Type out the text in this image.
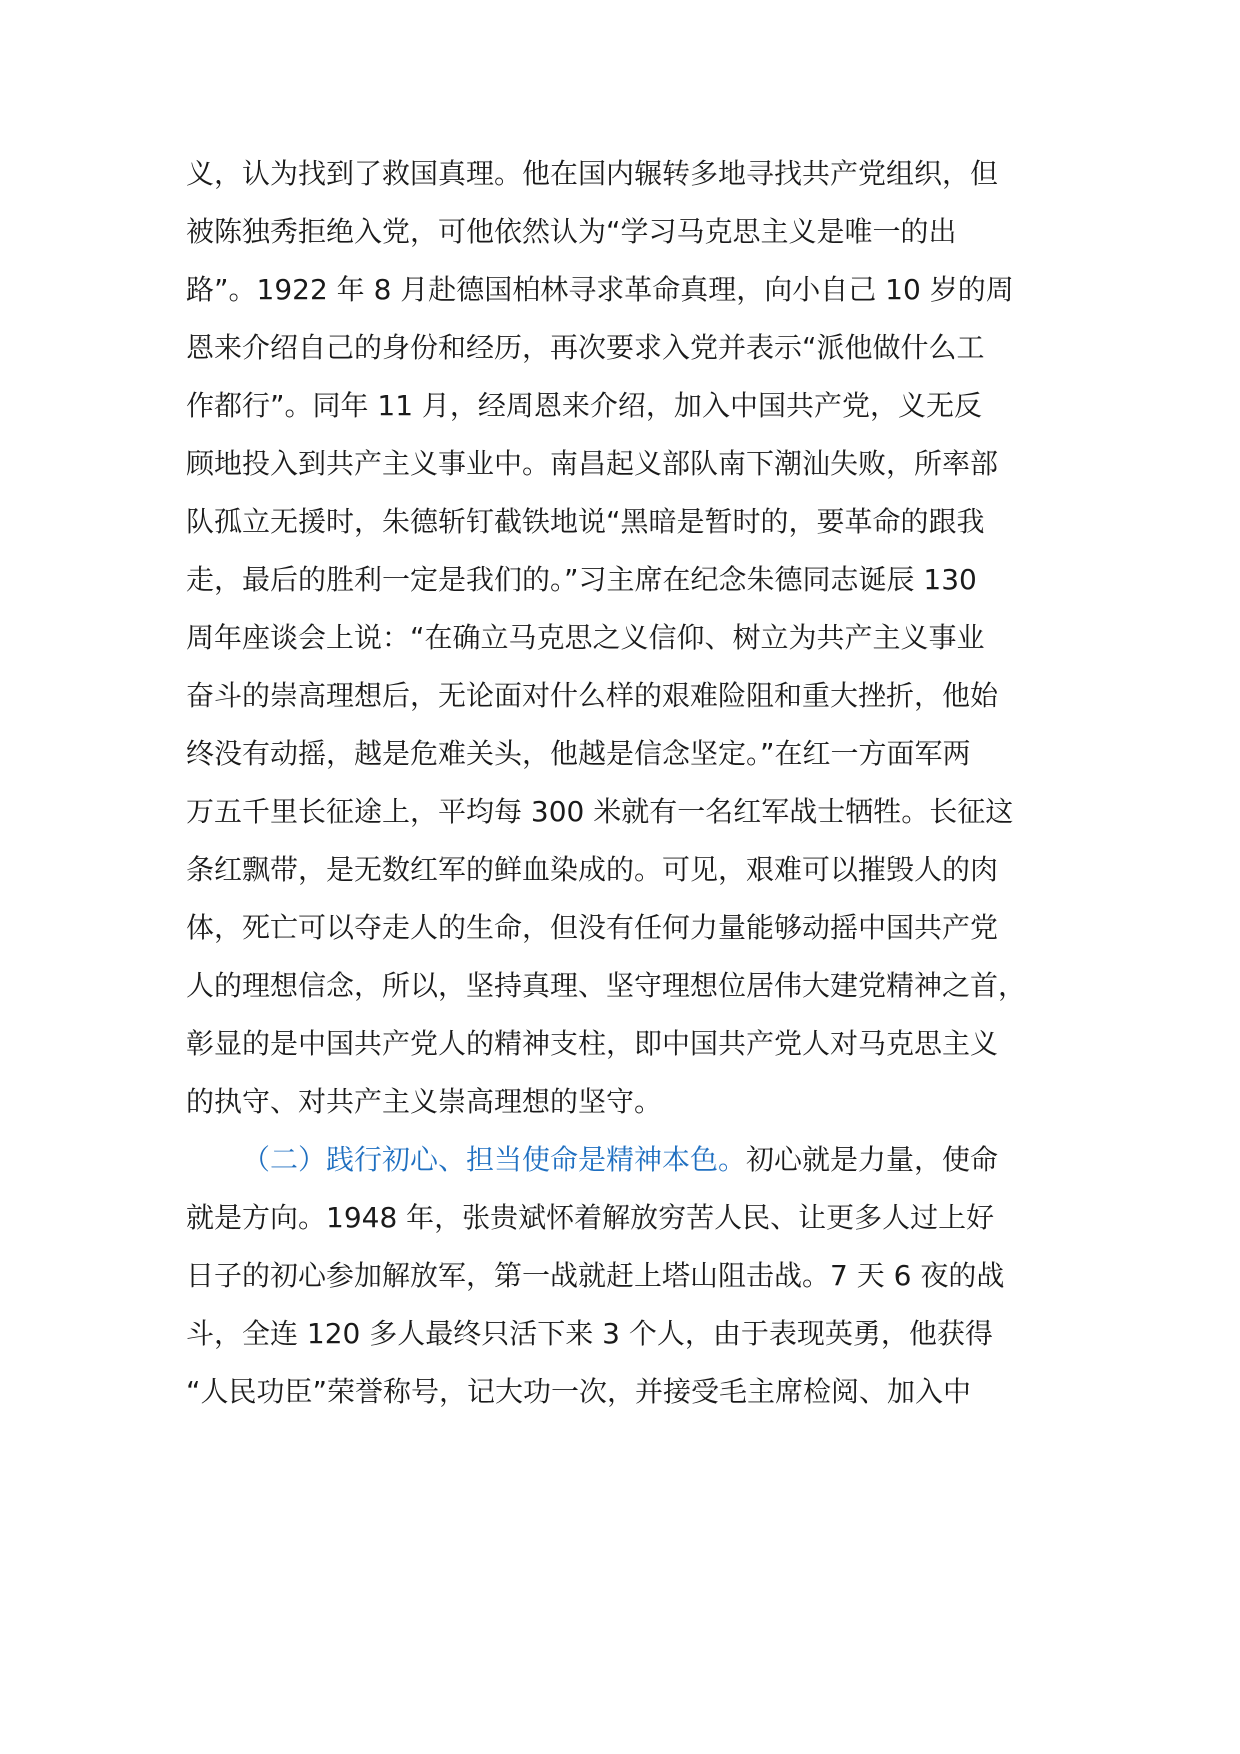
义，认为找到了救国真理。他在国内辗转多地寻找共产党组织，但
被陈独秀拒绝入党，可他依然认为“学习马克思主义是唯一的出
路”。1922 年 8 月赴德国柏林寻求革命真理，向小自己 10 岁的周
恩来介绍自己的身份和经历，再次要求入党并表示“派他做什么工
作都行”。同年 11 月，经周恩来介绍，加入中国共产党，义无反
顾地投入到共产主义事业中。南昌起义部队南下潮汕失败，所率部
队孤立无援时，朱德斩钉截铁地说“黑暗是暂时的，要革命的跟我
走，最后的胜利一定是我们的。”习主席在纪念朱德同志诞辰 130
周年座谈会上说：“在确立马克思之义信仰、树立为共产主义事业
奋斗的崇高理想后，无论面对什么样的艰难险阻和重大挫折，他始
终没有动摇，越是危难关头，他越是信念坚定。”在红一方面军两
万五千里长征途上，平均每 300 米就有一名红军战士牺牲。长征这
条红飘带，是无数红军的鲜血染成的。可见，艰难可以摧毁人的肉
体，死亡可以夺走人的生命，但没有任何力量能够动摇中国共产党
人的理想信念，所以，坚持真理、坚守理想位居伟大建党精神之首，
彰显的是中国共产党人的精神支柱，即中国共产党人对马克思主义
的执守、对共产主义崇高理想的坚守。
（二）践行初心、担当使命是精神本色。初心就是力量，使命
就是方向。1948 年，张贵斌怀着解放穷苦人民、让更多人过上好
日子的初心参加解放军，第一战就赶上塔山阻击战。7 天 6 夜的战
斗，全连 120 多人最终只活下来 3 个人，由于表现英勇，他获得
“人民功臣”荣誉称号，记大功一次，并接受毛主席检阅、加入中
